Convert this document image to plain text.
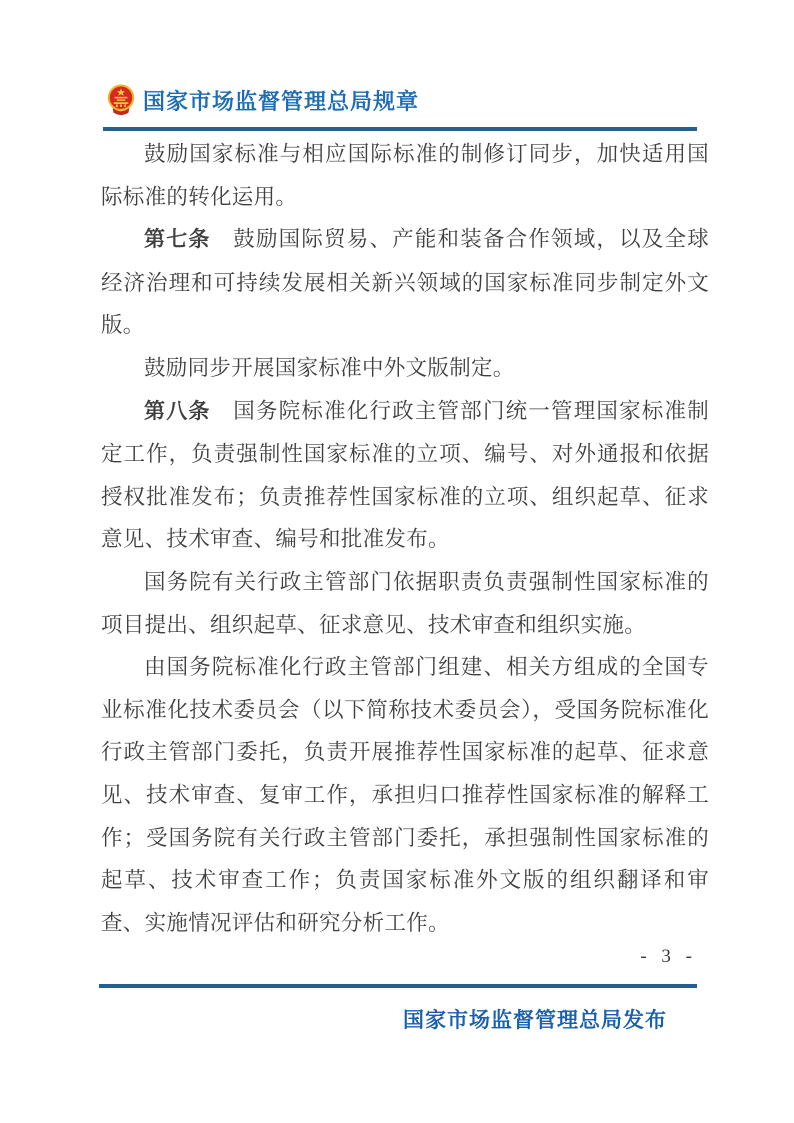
国家市场监督管理总局规章

鼓励国家标准与相应国际标准的制修订同步，加快适用国际标准的转化运用。

第七条　 鼓励国际贸易、产能和装备合作领域，以及全球经济治理和可持续发展相关新兴领域的国家标准同步制定外文版。

鼓励同步开展国家标准中外文版制定。

第八条　 国务院标准化行政主管部门统一管理国家标准制定工作，负责强制性国家标准的立项、编号、对外通报和依据授权批准发布；负责推荐性国家标准的立项、组织起草、征求意见、技术审查、编号和批准发布。

国务院有关行政主管部门依据职责负责强制性国家标准的项目提出、组织起草、征求意见、技术审查和组织实施。

由国务院标准化行政主管部门组建、相关方组成的全国专业标准化技术委员会（以下简称技术委员会），受国务院标准化行政主管部门委托，负责开展推荐性国家标准的起草、征求意见、技术审查、复审工作，承担归口推荐性国家标准的解释工作；受国务院有关行政主管部门委托，承担强制性国家标准的起草、技术审查工作；负责国家标准外文版的组织翻译和审查、实施情况评估和研究分析工作。

- 3 -
国家市场监督管理总局发布
